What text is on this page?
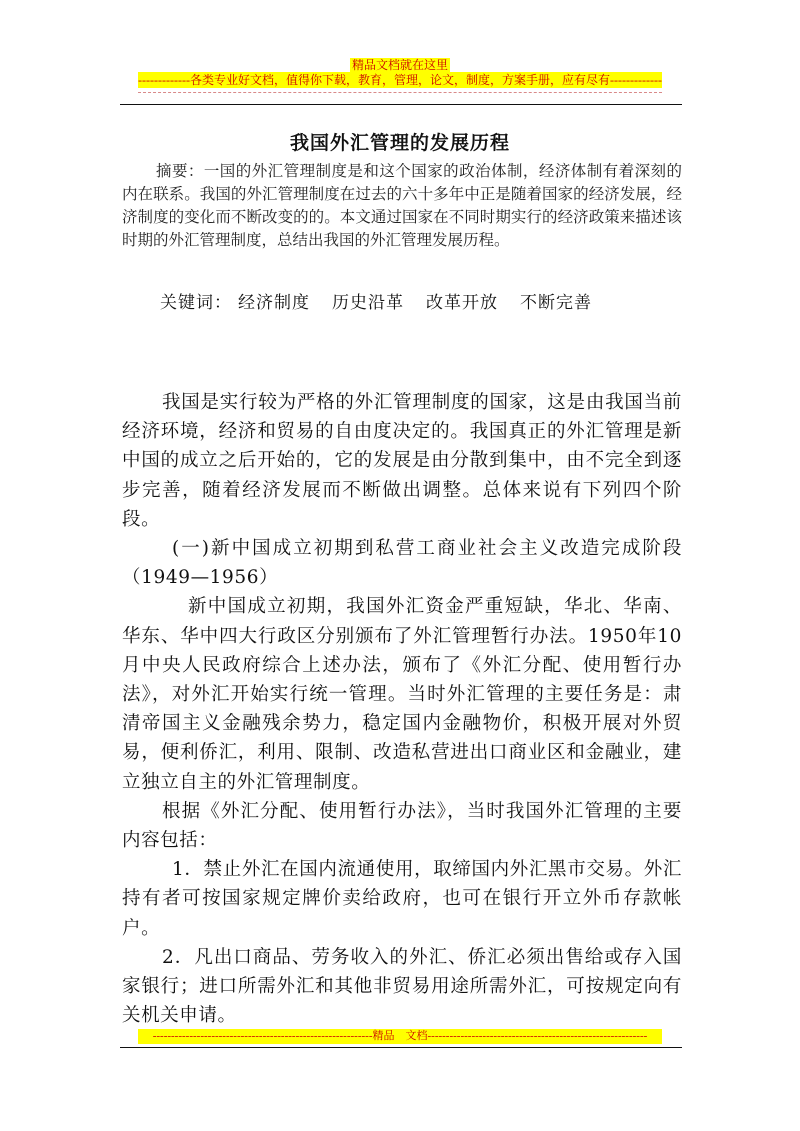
精品文档就在这里
-------------各类专业好文档，值得你下载，教育，管理，论文，制度，方案手册，应有尽有-------------
我国外汇管理的发展历程
摘要：一国的外汇管理制度是和这个国家的政治体制，经济体制有着深刻的内在联系。我国的外汇管理制度在过去的六十多年中正是随着国家的经济发展，经济制度的变化而不断改变的的。本文通过国家在不同时期实行的经济政策来描述该时期的外汇管理制度，总结出我国的外汇管理发展历程。
关键词： 经济制度 历史沿革 改革开放 不断完善

我国是实行较为严格的外汇管理制度的国家，这是由我国当前经济环境，经济和贸易的自由度决定的。我国真正的外汇管理是新中国的成立之后开始的，它的发展是由分散到集中，由不完全到逐步完善，随着经济发展而不断做出调整。总体来说有下列四个阶段。

(一)新中国成立初期到私营工商业社会主义改造完成阶段（1949—1956）

新中国成立初期，我国外汇资金严重短缺，华北、华南、华东、华中四大行政区分别颁布了外汇管理暂行办法。1950年10月中央人民政府综合上述办法，颁布了《外汇分配、使用暂行办法》，对外汇开始实行统一管理。当时外汇管理的主要任务是：肃清帝国主义金融残余势力，稳定国内金融物价，积极开展对外贸易，便利侨汇，利用、限制、改造私营进出口商业区和金融业，建立独立自主的外汇管理制度。

根据《外汇分配、使用暂行办法》，当时我国外汇管理的主要内容包括：

1．禁止外汇在国内流通使用，取缔国内外汇黑市交易。外汇持有者可按国家规定牌价卖给政府，也可在银行开立外币存款帐户。

2．凡出口商品、劳务收入的外汇、侨汇必须出售给或存入国家银行；进口所需外汇和其他非贸易用途所需外汇，可按规定向有关机关申请。

------------------------------------------------------------精品　文档------------------------------------------------------------
